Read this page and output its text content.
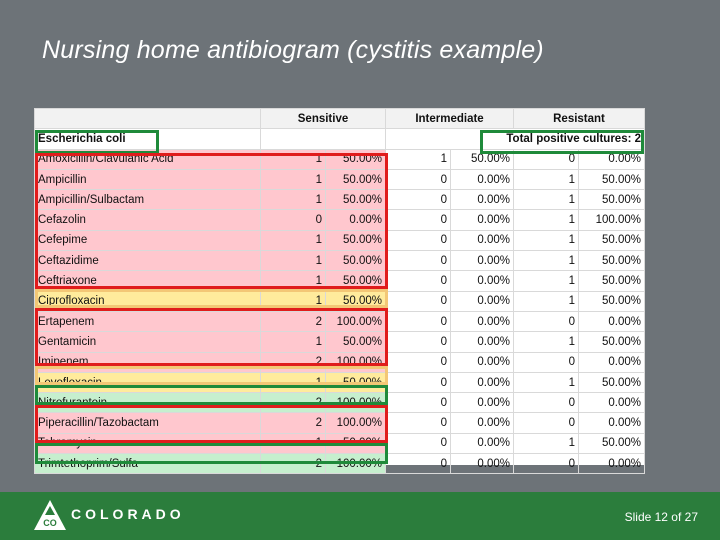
Nursing home antibiogram (cystitis example)
	Sensitive		Intermediate		Resistant	
Escherichia coli			Total positive cultures: 2			
Amoxicillin/Clavulanic Acid	1	50.00%	1	50.00%	0	0.00%
Ampicillin	1	50.00%	0	0.00%	1	50.00%
Ampicillin/Sulbactam	1	50.00%	0	0.00%	1	50.00%
Cefazolin	0	0.00%	0	0.00%	1	100.00%
Cefepime	1	50.00%	0	0.00%	1	50.00%
Ceftazidime	1	50.00%	0	0.00%	1	50.00%
Ceftriaxone	1	50.00%	0	0.00%	1	50.00%
Ciprofloxacin	1	50.00%	0	0.00%	1	50.00%
Ertapenem	2	100.00%	0	0.00%	0	0.00%
Gentamicin	1	50.00%	0	0.00%	1	50.00%
Imipenem	2	100.00%	0	0.00%	0	0.00%
Levofloxacin	1	50.00%	0	0.00%	1	50.00%
Nitrofurantoin	2	100.00%	0	0.00%	0	0.00%
Piperacillin/Tazobactam	2	100.00%	0	0.00%	0	0.00%
Tobramycin	1	50.00%	0	0.00%	1	50.00%
Trimtethoprim/Sulfa	2	100.00%	0	0.00%	0	0.00%
CO
COLORADO	Slide 12 of 27
